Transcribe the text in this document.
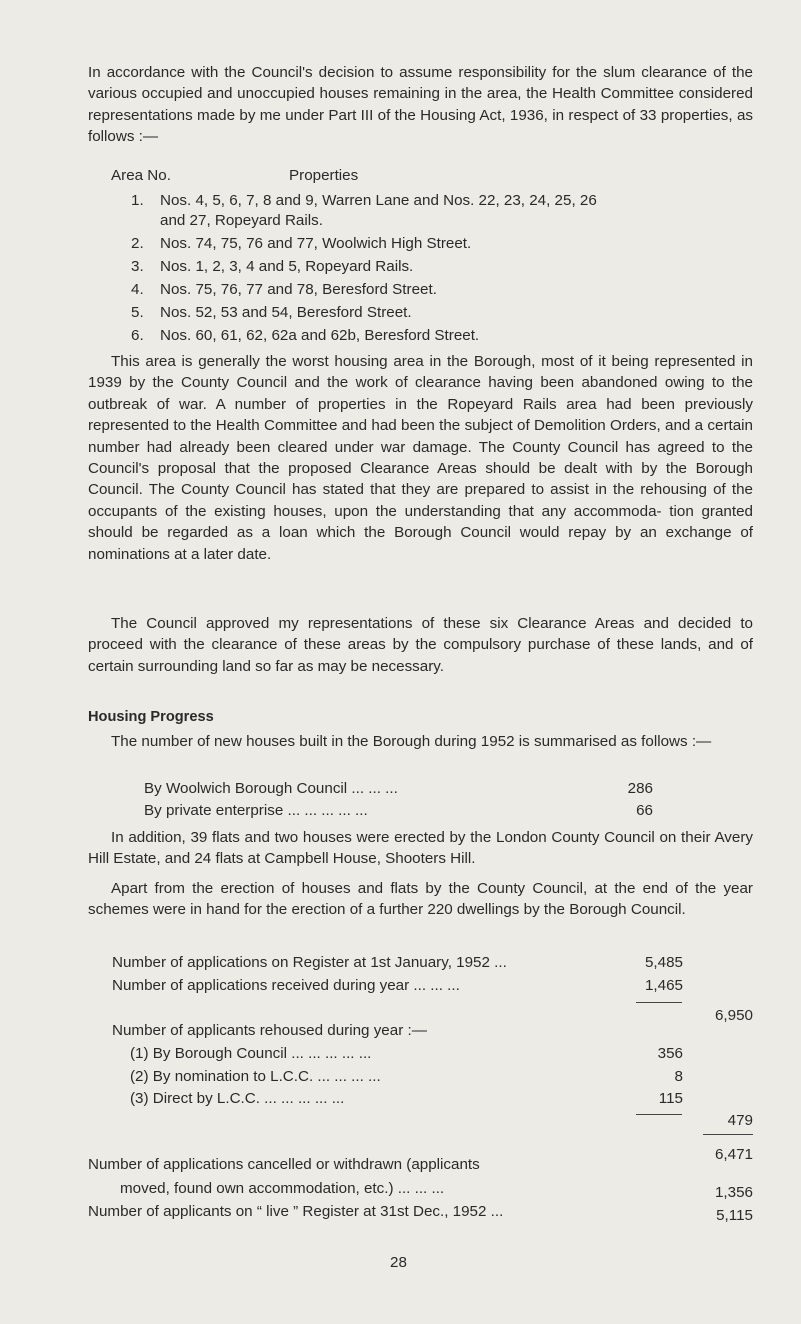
In accordance with the Council's decision to assume responsibility for the slum clearance of the various occupied and unoccupied houses remaining in the area, the Health Committee considered representations made by me under Part III of the Housing Act, 1936, in respect of 33 properties, as follows :—

Area No.	Properties
1. Nos. 4, 5, 6, 7, 8 and 9, Warren Lane and Nos. 22, 23, 24, 25, 26
and 27, Ropeyard Rails.
2. Nos. 74, 75, 76 and 77, Woolwich High Street.
3. Nos. 1, 2, 3, 4 and 5, Ropeyard Rails.
4. Nos. 75, 76, 77 and 78, Beresford Street.
5. Nos. 52, 53 and 54, Beresford Street.
6. Nos. 60, 61, 62, 62a and 62b, Beresford Street.

This area is generally the worst housing area in the Borough, most of it being represented in 1939 by the County Council and the work of clearance having been abandoned owing to the outbreak of war. A number of properties in the Ropeyard Rails area had been previously represented to the Health Committee and had been the subject of Demolition Orders, and a certain number had already been cleared under war damage. The County Council has agreed to the Council's proposal that the proposed Clearance Areas should be dealt with by the Borough Council. The County Council has stated that they are prepared to assist in the rehousing of the occupants of the existing houses, upon the understanding that any accommoda- tion granted should be regarded as a loan which the Borough Council would repay by an exchange of nominations at a later date.

The Council approved my representations of these six Clearance Areas and decided to proceed with the clearance of these areas by the compulsory purchase of these lands, and of certain surrounding land so far as may be necessary.

Housing Progress

The number of new houses built in the Borough during 1952 is summarised as follows :—

By Woolwich Borough Council ... ... ...	286
By private enterprise ... ... ... ... ...	66

In addition, 39 flats and two houses were erected by the London County Council on their Avery Hill Estate, and 24 flats at Campbell House, Shooters Hill.

Apart from the erection of houses and flats by the County Council, at the end of the year schemes were in hand for the erection of a further 220 dwellings by the Borough Council.

Number of applications on Register at 1st January, 1952 ...	5,485
Number of applications received during year ... ... ...	1,465
6,950
Number of applicants rehoused during year :—
(1) By Borough Council ... ... ... ... ...	356
(2) By nomination to L.C.C. ... ... ... ...	8
(3) Direct by L.C.C. ... ... ... ... ...	115
479
6,471
Number of applications cancelled or withdrawn (applicants
moved, found own accommodation, etc.) ... ... ...	1,356
Number of applicants on “ live ” Register at 31st Dec., 1952 ...	5,115
28
